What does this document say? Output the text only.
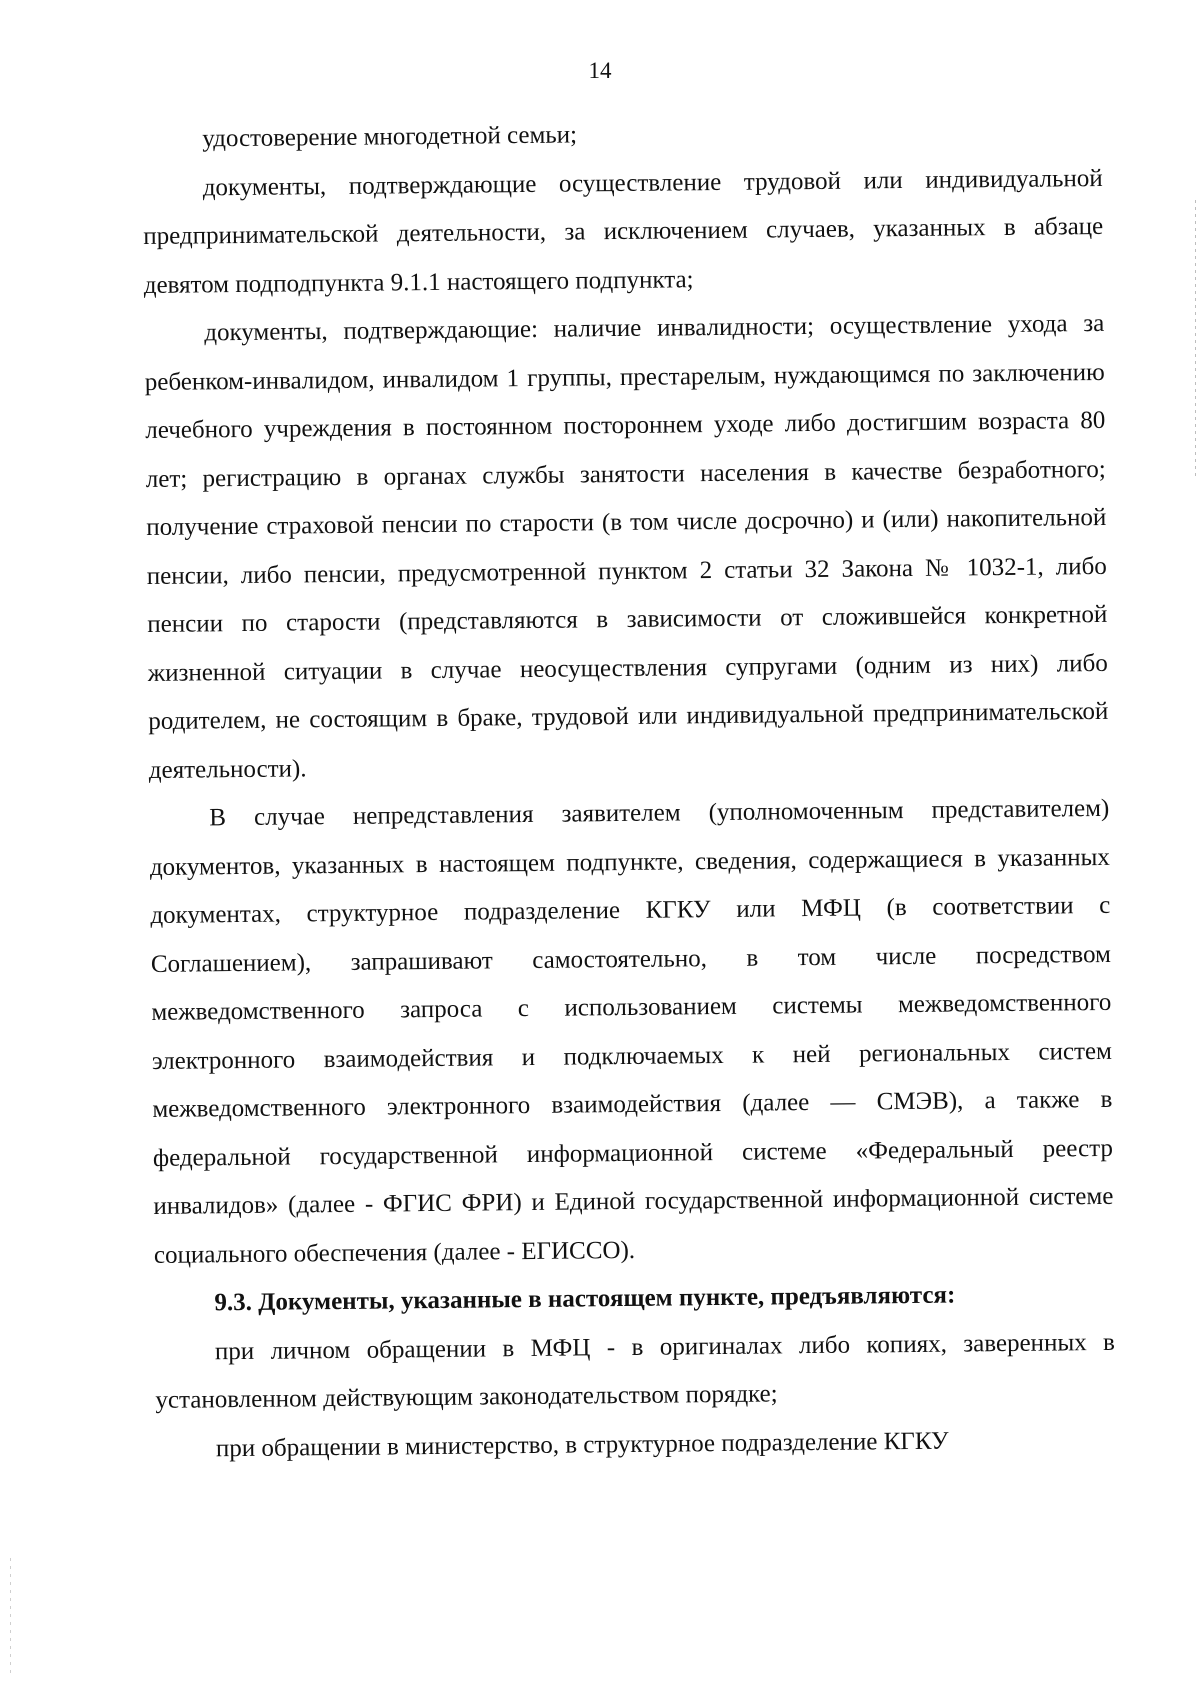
14

удостоверение многодетной семьи;

документы, подтверждающие осуществление трудовой или индивидуальной предпринимательской деятельности, за исключением случаев, указанных в абзаце девятом подподпункта 9.1.1 настоящего подпункта;

документы, подтверждающие: наличие инвалидности; осуществление ухода за ребенком-инвалидом, инвалидом 1 группы, престарелым, нуждающимся по заключению лечебного учреждения в постоянном постороннем уходе либо достигшим возраста 80 лет; регистрацию в органах службы занятости населения в качестве безработного; получение страховой пенсии по старости (в том числе досрочно) и (или) накопительной пенсии, либо пенсии, предусмотренной пунктом 2 статьи 32 Закона № 1032-1, либо пенсии по старости (представляются в зависимости от сложившейся конкретной жизненной ситуации в случае неосуществления супругами (одним из них) либо родителем, не состоящим в браке, трудовой или индивидуальной предпринимательской деятельности).

В случае непредставления заявителем (уполномоченным представителем) документов, указанных в настоящем подпункте, сведения, содержащиеся в указанных документах, структурное подразделение КГКУ или МФЦ (в соответствии с Соглашением), запрашивают самостоятельно, в том числе посредством межведомственного запроса с использованием системы межведомственного электронного взаимодействия и подключаемых к ней региональных систем межведомственного электронного взаимодействия (далее — СМЭВ), а также в федеральной государственной информационной системе «Федеральный реестр инвалидов» (далее - ФГИС ФРИ) и Единой государственной информационной системе социального обеспечения (далее - ЕГИССО).

9.3. Документы, указанные в настоящем пункте, предъявляются:

при личном обращении в МФЦ - в оригиналах либо копиях, заверенных в установленном действующим законодательством порядке;

при обращении в министерство, в структурное подразделение КГКУ
